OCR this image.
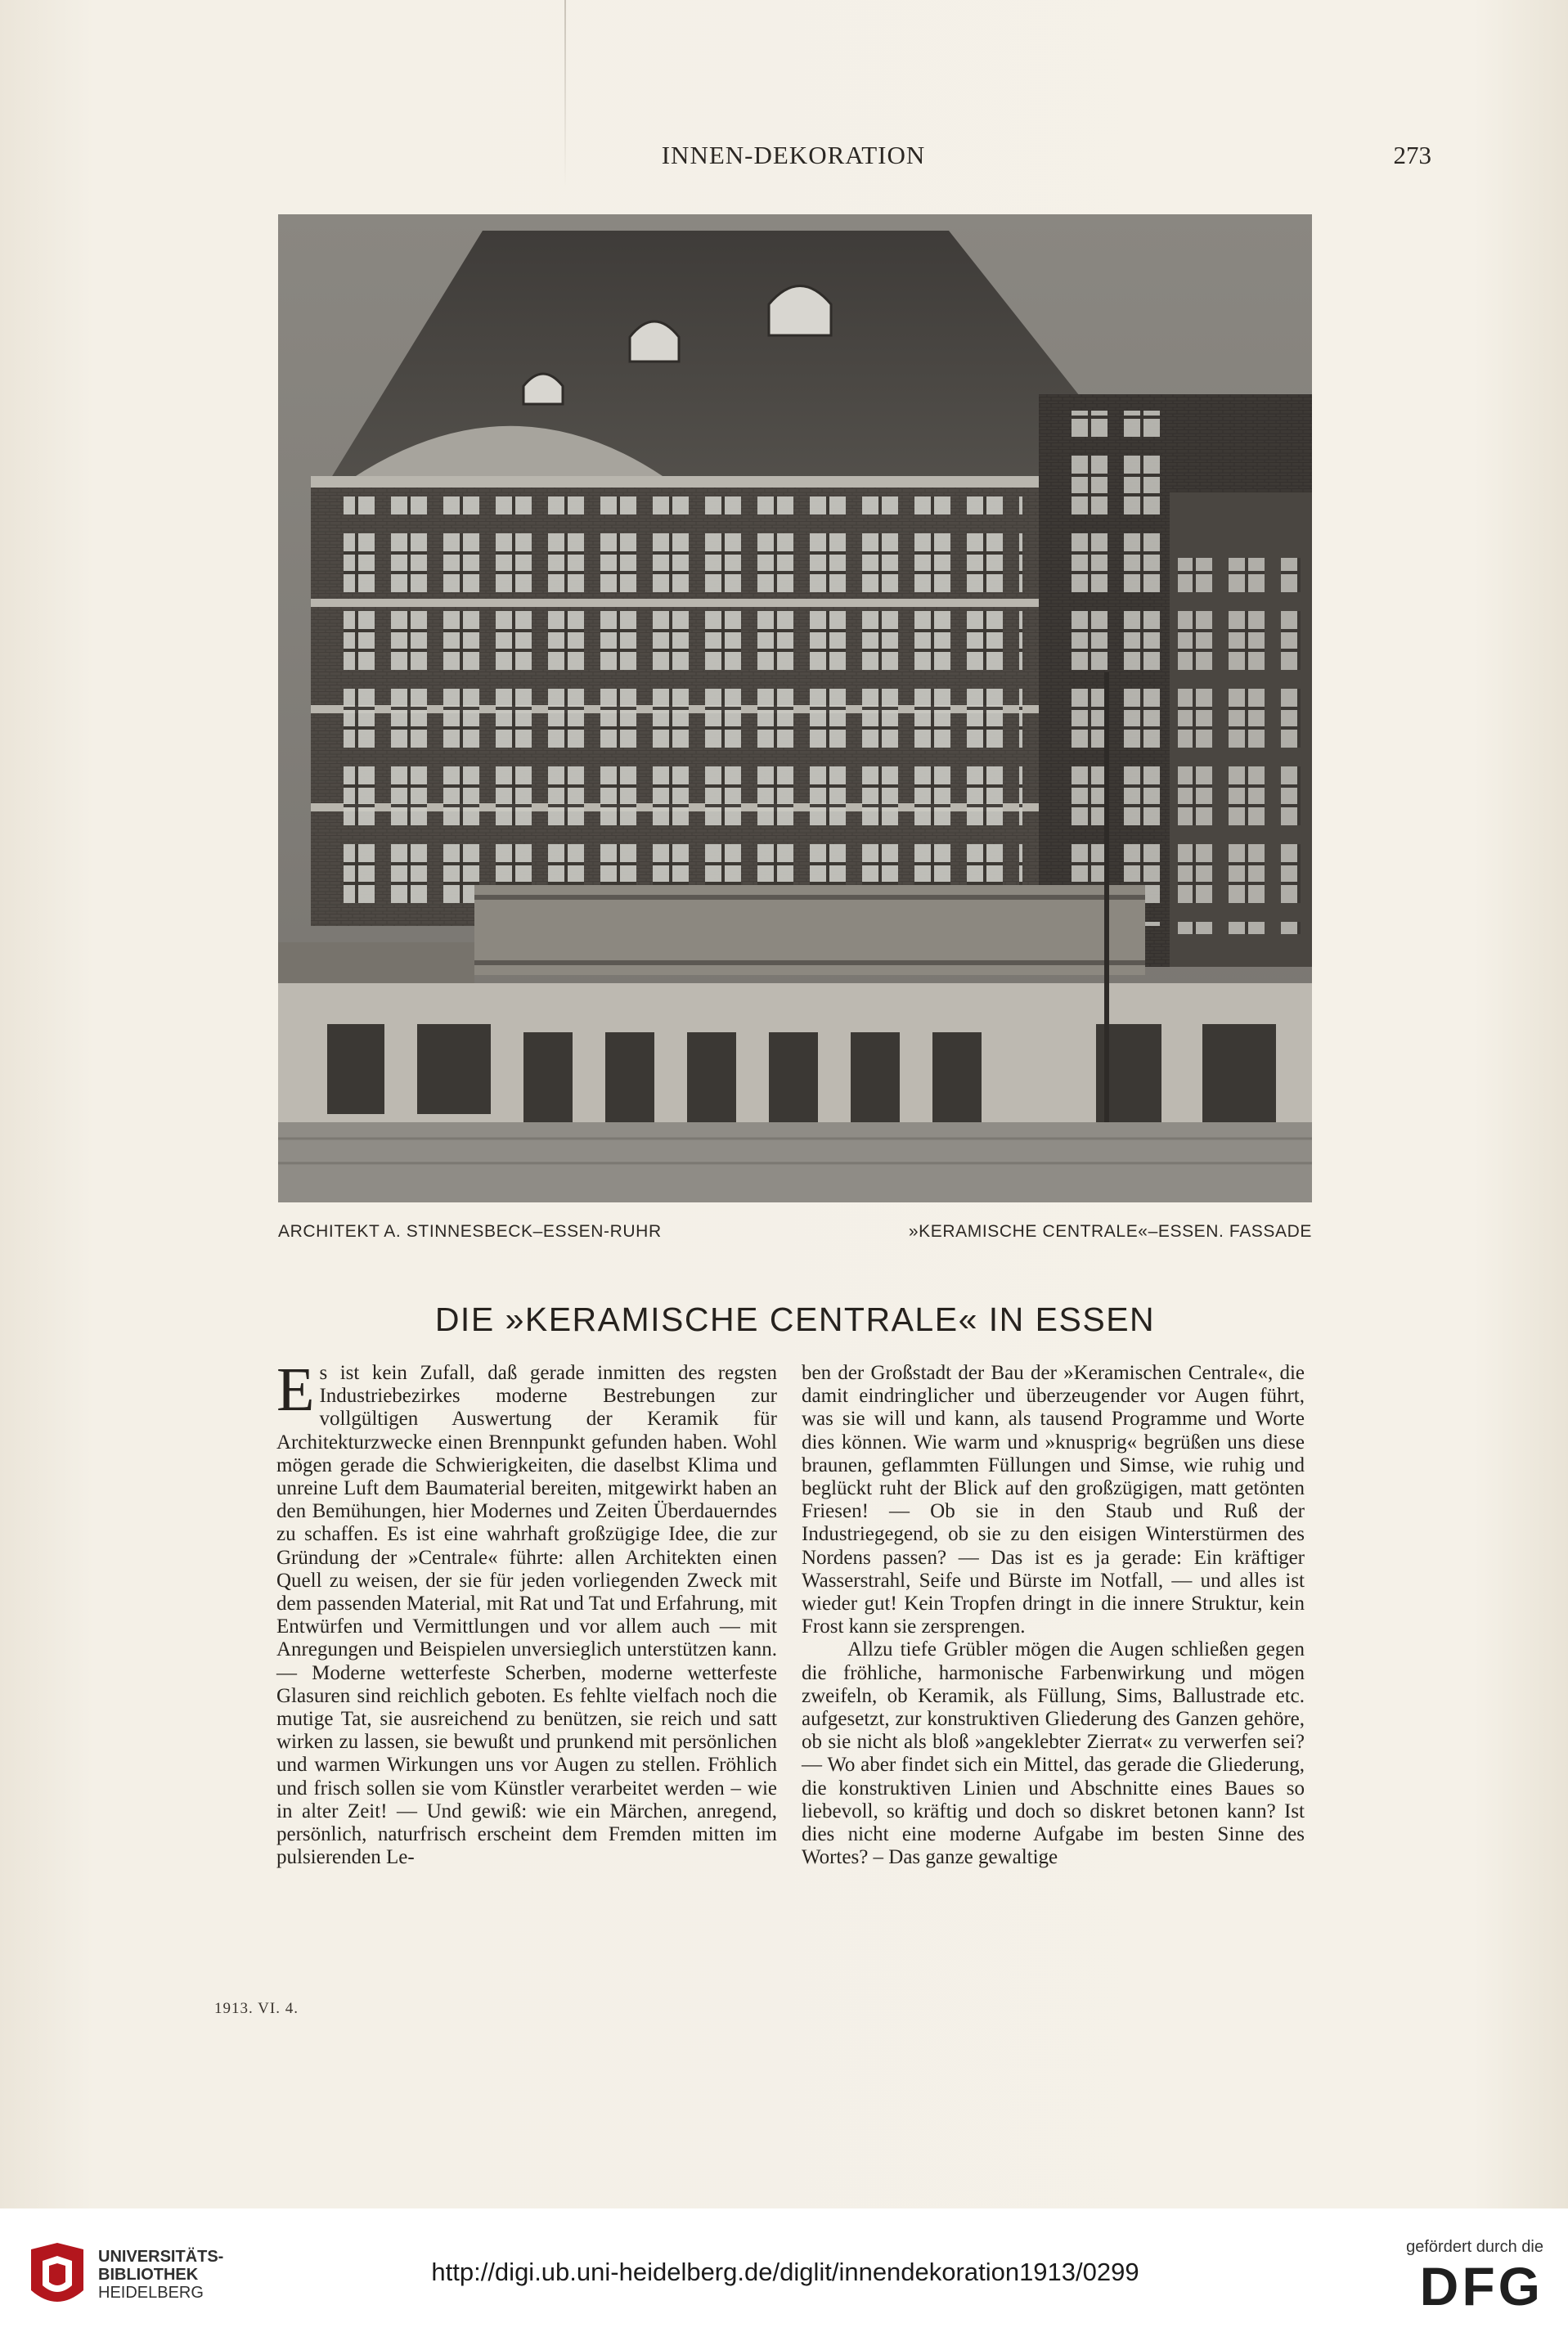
INNEN-DEKORATION	273
ARCHITEKT A. STINNESBECK–ESSEN-RUHR	»KERAMISCHE CENTRALE«–ESSEN. FASSADE
DIE »KERAMISCHE CENTRALE« IN ESSEN

Es ist kein Zufall, daß gerade inmitten des regsten Industriebezirkes moderne Bestrebungen zur vollgültigen Auswertung der Keramik für Architekturzwecke einen Brennpunkt gefunden haben. Wohl mögen gerade die Schwierigkeiten, die daselbst Klima und unreine Luft dem Baumaterial bereiten, mitgewirkt haben an den Bemühungen, hier Modernes und Zeiten Überdauerndes zu schaffen. Es ist eine wahrhaft großzügige Idee, die zur Gründung der »Centrale« führte: allen Architekten einen Quell zu weisen, der sie für jeden vorliegenden Zweck mit dem passenden Material, mit Rat und Tat und Erfahrung, mit Entwürfen und Vermittlungen und vor allem auch — mit Anregungen und Beispielen unversieglich unterstützen kann. — Moderne wetterfeste Scherben, moderne wetterfeste Glasuren sind reichlich geboten. Es fehlte vielfach noch die mutige Tat, sie ausreichend zu benützen, sie reich und satt wirken zu lassen, sie bewußt und prunkend mit persönlichen und warmen Wirkungen uns vor Augen zu stellen. Fröhlich und frisch sollen sie vom Künstler verarbeitet werden – wie in alter Zeit! — Und gewiß: wie ein Märchen, anregend, persönlich, naturfrisch erscheint dem Fremden mitten im pulsierenden Le-

ben der Großstadt der Bau der »Keramischen Centrale«, die damit eindringlicher und überzeugender vor Augen führt, was sie will und kann, als tausend Programme und Worte dies können. Wie warm und »knusprig« begrüßen uns diese braunen, geflammten Füllungen und Simse, wie ruhig und beglückt ruht der Blick auf den großzügigen, matt getönten Friesen! — Ob sie in den Staub und Ruß der Industriegegend, ob sie zu den eisigen Winterstürmen des Nordens passen? — Das ist es ja gerade: Ein kräftiger Wasserstrahl, Seife und Bürste im Notfall, — und alles ist wieder gut! Kein Tropfen dringt in die innere Struktur, kein Frost kann sie zersprengen.

Allzu tiefe Grübler mögen die Augen schließen gegen die fröhliche, harmonische Farbenwirkung und mögen zweifeln, ob Keramik, als Füllung, Sims, Ballustrade etc. aufgesetzt, zur konstruktiven Gliederung des Ganzen gehöre, ob sie nicht als bloß »angeklebter Zierrat« zu verwerfen sei? — Wo aber findet sich ein Mittel, das gerade die Gliederung, die konstruktiven Linien und Abschnitte eines Baues so liebevoll, so kräftig und doch so diskret betonen kann? Ist dies nicht eine moderne Aufgabe im besten Sinne des Wortes? – Das ganze gewaltige

1913. VI. 4.
UNIVERSITÄTS-
BIBLIOTHEK
HEIDELBERG
http://digi.ub.uni-heidelberg.de/diglit/innendekoration1913/0299
gefördert durch die
DFG
